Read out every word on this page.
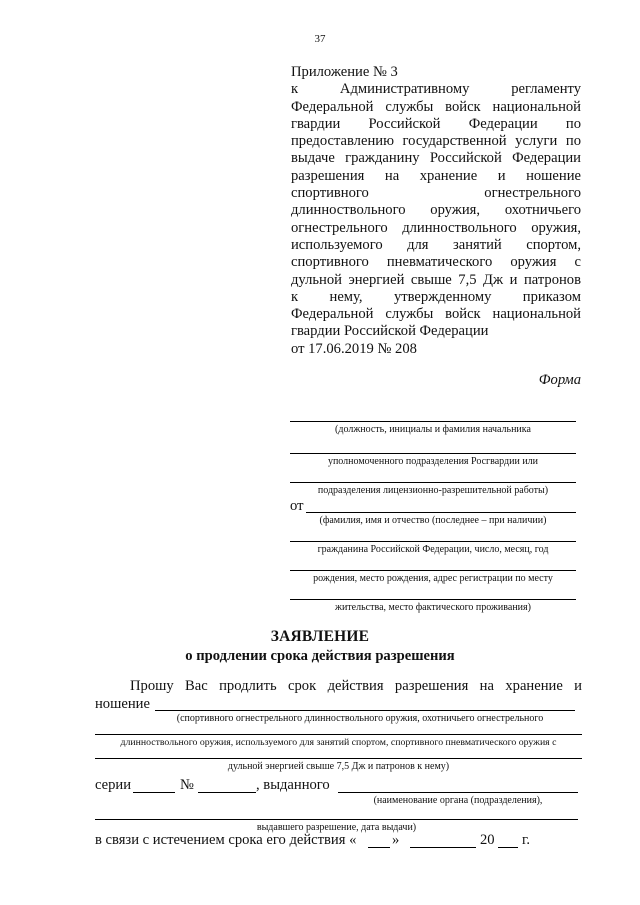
37
Приложение № 3
к Административному регламенту
Федеральной службы войск национальной
гвардии Российской Федерации по
предоставлению государственной услуги по
выдаче гражданину Российской Федерации
разрешения на хранение и ношение
спортивного огнестрельного
длинноствольного оружия, охотничьего
огнестрельного длинноствольного оружия,
используемого для занятий спортом,
спортивного пневматического оружия с
дульной энергией свыше 7,5 Дж и патронов
к нему, утвержденному приказом
Федеральной службы войск национальной
гвардии Российской Федерации
от 17.06.2019 № 208
Форма
(должность, инициалы и фамилия начальника
уполномоченного подразделения Росгвардии или
подразделения лицензионно-разрешительной работы)
от
(фамилия, имя и отчество (последнее – при наличии)
гражданина Российской Федерации, число, месяц, год
рождения, место рождения, адрес регистрации по месту
жительства, место фактического проживания)
ЗАЯВЛЕНИЕ
о продлении срока действия разрешения
Прошу Вас продлить срок действия разрешения на хранение и
ношение
(спортивного огнестрельного длинноствольного оружия, охотничьего огнестрельного
длинноствольного оружия, используемого для занятий спортом, спортивного пневматического оружия с
дульной энергией свыше 7,5 Дж и патронов к нему)
серии	№	, выданного
(наименование органа (подразделения),
выдавшего разрешение, дата выдачи)
в связи с истечением срока его действия « »	20 г.
